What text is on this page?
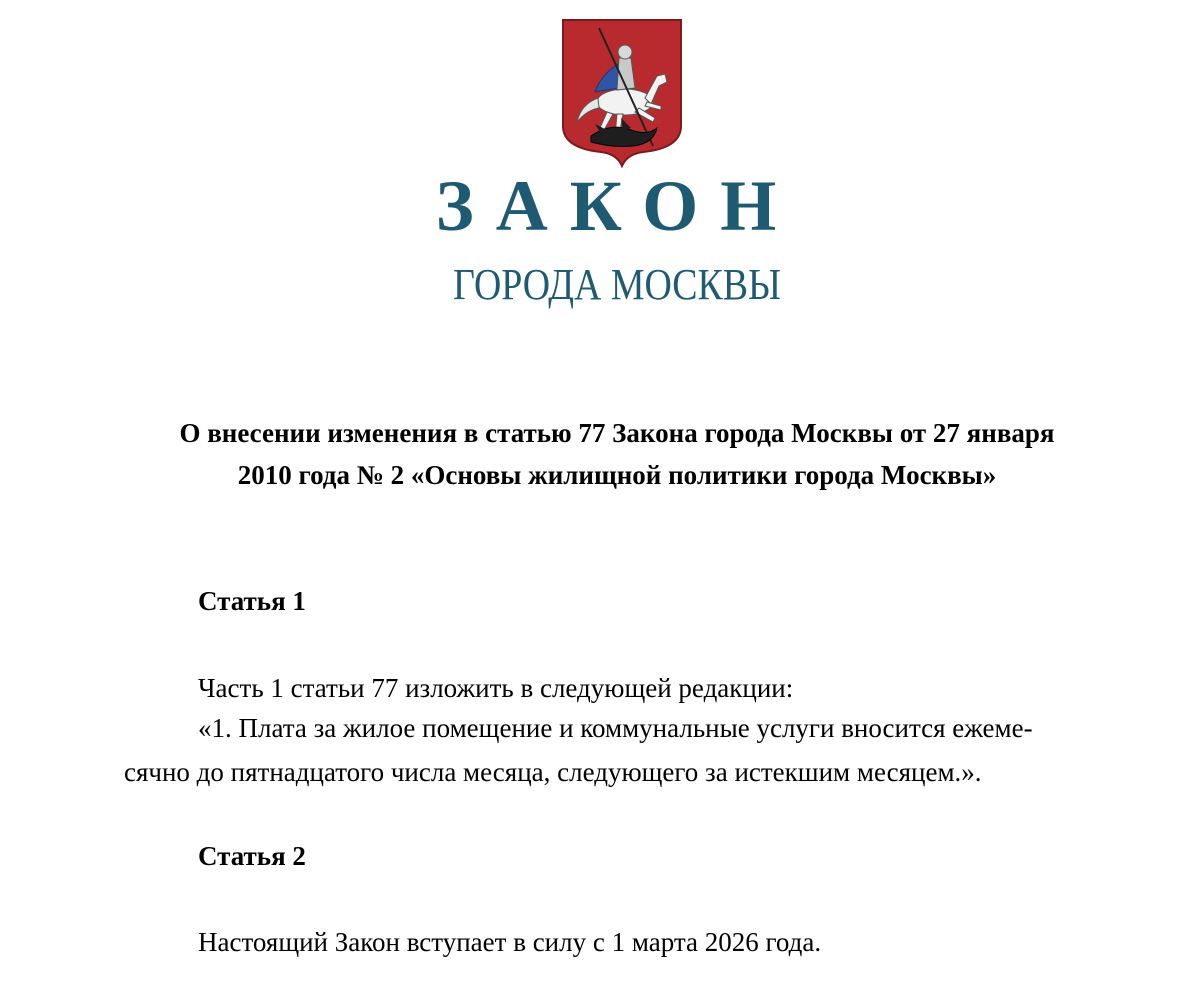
ЗАКОН
ГОРОДА МОСКВЫ
О внесении изменения в статью 77 Закона города Москвы от 27 января
2010 года № 2 «Основы жилищной политики города Москвы»
Статья 1
Часть 1 статьи 77 изложить в следующей редакции:
«1. Плата за жилое помещение и коммунальные услуги вносится ежеме-
сячно до пятнадцатого числа месяца, следующего за истекшим месяцем.».
Статья 2
Настоящий Закон вступает в силу с 1 марта 2026 года.
